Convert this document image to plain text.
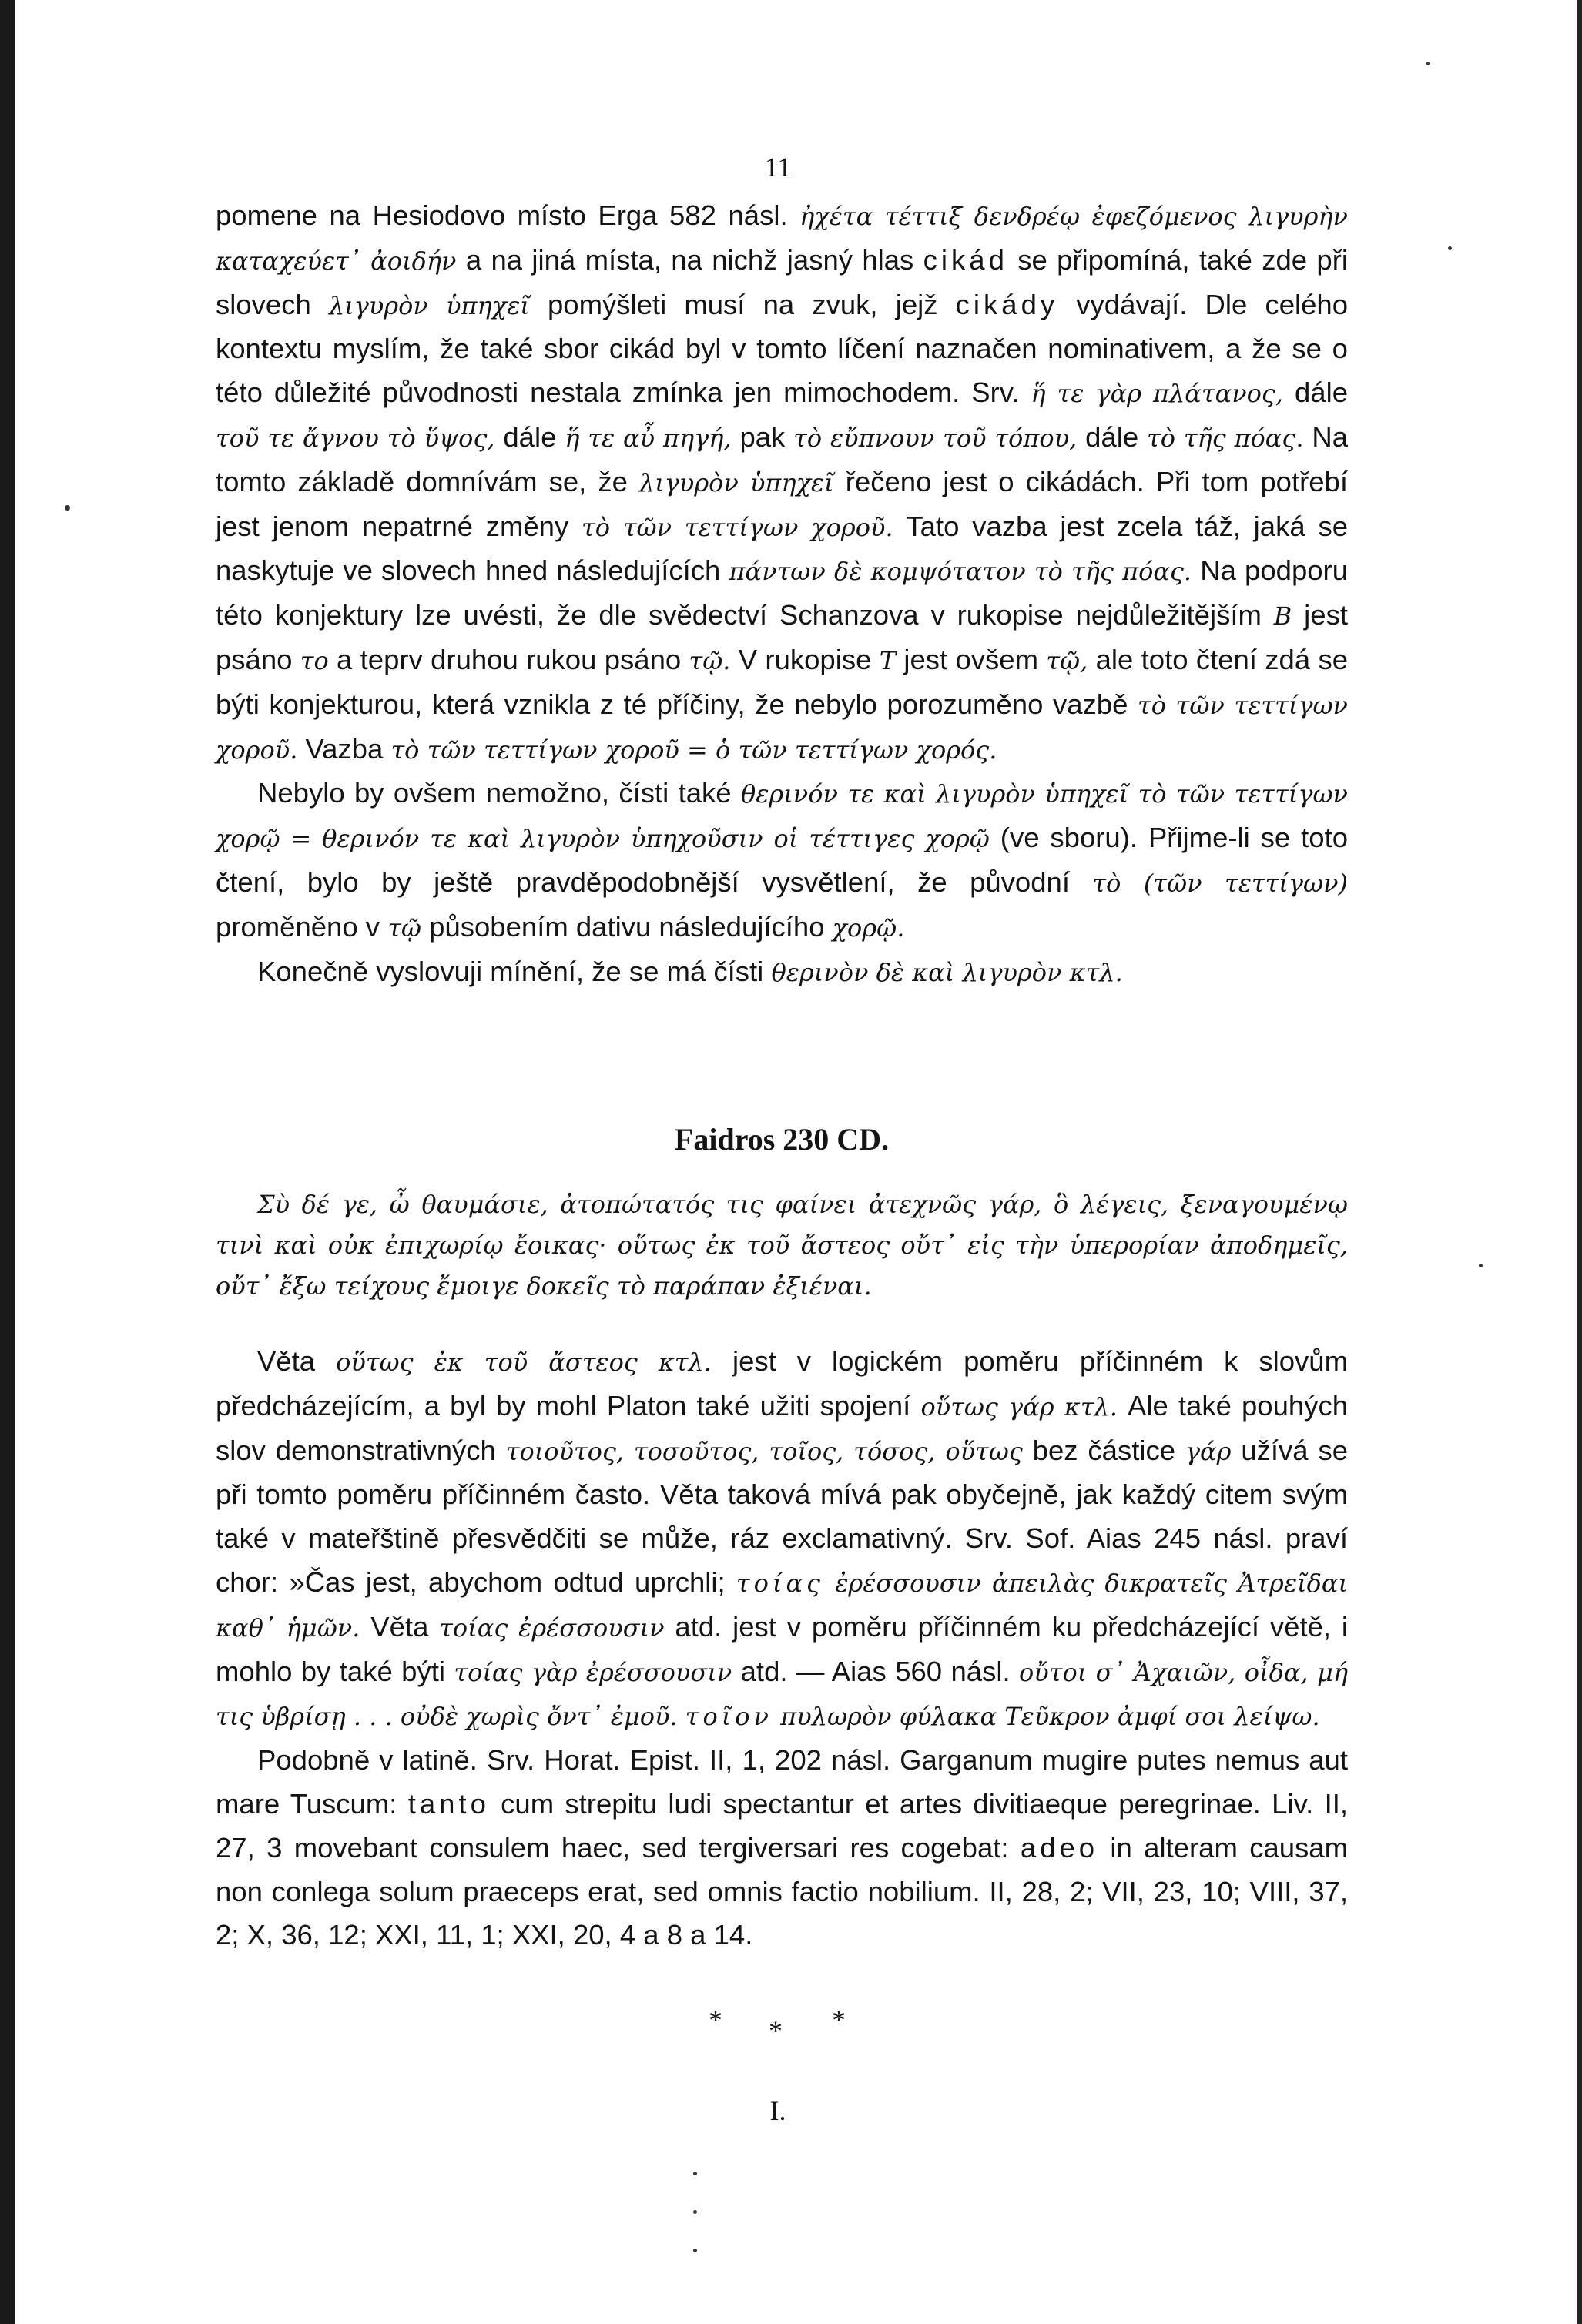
11

pomene na Hesiodovo místo Erga 582 násl. ἠχέτα τέττιξ δενδρέῳ ἐφεζόμενος λιγυρὴν καταχεύετ᾽ ἀοιδήν a na jiná místa, na nichž jasný hlas cikád se připomíná, také zde při slovech λιγυρὸν ὑπηχεῖ pomýšleti musí na zvuk, jejž cikády vydávají. Dle celého kontextu myslím, že také sbor cikád byl v tomto líčení naznačen nominativem, a že se o této důležité původnosti nestala zmínka jen mimochodem. Srv. ἥ τε γὰρ πλάτανος, dále τοῦ τε ἄγνου τὸ ὕψος, dále ἥ τε αὖ πηγή, pak τὸ εὔπνουν τοῦ τόπου, dále τὸ τῆς πόας. Na tomto základě domnívám se, že λιγυρὸν ὑπηχεῖ řečeno jest o cikádách. Při tom potřebí jest jenom nepatrné změny τὸ τῶν τεττίγων χοροῦ. Tato vazba jest zcela táž, jaká se naskytuje ve slovech hned následujících πάντων δὲ κομψότατον τὸ τῆς πόας. Na podporu této konjektury lze uvésti, že dle svědectví Schanzova v rukopise nejdůležitějším B jest psáno το a teprv druhou rukou psáno τῷ. V rukopise T jest ovšem τῷ, ale toto čtení zdá se býti konjekturou, která vznikla z té příčiny, že nebylo porozuměno vazbě τὸ τῶν τεττίγων χοροῦ. Vazba τὸ τῶν τεττίγων χοροῦ = ὁ τῶν τεττίγων χορός.

Nebylo by ovšem nemožno, čísti také θερινόν τε καὶ λιγυρὸν ὑπηχεῖ τὸ τῶν τεττίγων χορῷ = θερινόν τε καὶ λιγυρὸν ὑπηχοῦσιν οἱ τέττιγες χορῷ (ve sboru). Přijme-li se toto čtení, bylo by ještě pravděpodobnější vysvětlení, že původní τὸ (τῶν τεττίγων) proměněno v τῷ působením dativu následujícího χορῷ.

Konečně vyslovuji mínění, že se má čísti θερινὸν δὲ καὶ λιγυρὸν κτλ.

Faidros 230 CD.
Σὺ δέ γε, ὦ θαυμάσιε, ἀτοπώτατός τις φαίνει ἀτεχνῶς γάρ, ὃ λέγεις, ξεναγουμένῳ τινὶ καὶ οὐκ ἐπιχωρίῳ ἔοικας· οὕτως ἐκ τοῦ ἄστεος οὔτ᾽ εἰς τὴν ὑπερορίαν ἀποδημεῖς, οὔτ᾽ ἔξω τείχους ἔμοιγε δοκεῖς τὸ παράπαν ἐξιέναι.

Věta οὕτως ἐκ τοῦ ἄστεος κτλ. jest v logickém poměru příčinném k slovům předcházejícím, a byl by mohl Platon také užiti spojení οὕτως γάρ κτλ. Ale také pouhých slov demonstrativných τοιοῦτος, τοσοῦτος, τοῖος, τόσος, οὕτως bez částice γάρ užívá se při tomto poměru příčinném často. Věta taková mívá pak obyčejně, jak každý citem svým také v mateřštině přesvědčiti se může, ráz exclamativný. Srv. Sof. Aias 245 násl. praví chor: »Čas jest, abychom odtud uprchli; τοίας ἐρέσσουσιν ἀπειλὰς δικρατεῖς Ἀτρεῖδαι καθ᾽ ἡμῶν. Věta τοίας ἐρέσσουσιν atd. jest v poměru příčinném ku předcházející větě, i mohlo by také býti τοίας γὰρ ἐρέσσουσιν atd. — Aias 560 násl. οὔτοι σ᾽ Ἀχαιῶν, οἶδα, μή τις ὑβρίσῃ . . . οὐδὲ χωρὶς ὄντ᾽ ἐμοῦ. τοῖον πυλωρὸν φύλακα Τεῦκρον ἀμφί σοι λείψω.

Podobně v latině. Srv. Horat. Epist. II, 1, 202 násl. Garganum mugire putes nemus aut mare Tuscum: tanto cum strepitu ludi spectantur et artes divitiaeque peregrinae. Liv. II, 27, 3 movebant consulem haec, sed tergiversari res cogebat: adeo in alteram causam non conlega solum praeceps erat, sed omnis factio nobilium. II, 28, 2; VII, 23, 10; VIII, 37, 2; X, 36, 12; XXI, 11, 1; XXI, 20, 4 a 8 a 14.

* * *
I.
